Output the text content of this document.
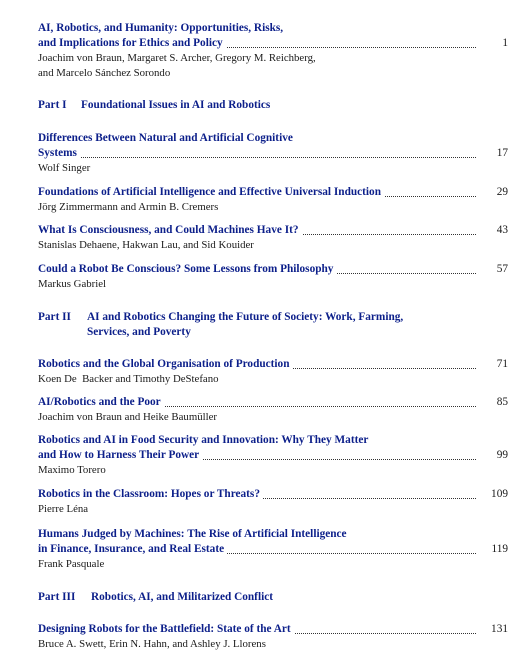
AI, Robotics, and Humanity: Opportunities, Risks,
and Implications for Ethics and Policy	1
Joachim von Braun, Margaret S. Archer, Gregory M. Reichberg,
and Marcelo Sánchez Sorondo
Part I Foundational Issues in AI and Robotics
Differences Between Natural and Artificial Cognitive
Systems	17
Wolf Singer
Foundations of Artificial Intelligence and Effective Universal Induction	29
Jörg Zimmermann and Armin B. Cremers
What Is Consciousness, and Could Machines Have It?	43
Stanislas Dehaene, Hakwan Lau, and Sid Kouider
Could a Robot Be Conscious? Some Lessons from Philosophy	57
Markus Gabriel
Part II AI and Robotics Changing the Future of Society: Work, Farming,
Services, and Poverty
Robotics and the Global Organisation of Production	71
Koen De  Backer and Timothy DeStefano
AI/Robotics and the Poor	85
Joachim von Braun and Heike Baumüller
Robotics and AI in Food Security and Innovation: Why They Matter
and How to Harness Their Power	99
Maximo Torero
Robotics in the Classroom: Hopes or Threats?	109
Pierre Léna
Humans Judged by Machines: The Rise of Artificial Intelligence
in Finance, Insurance, and Real Estate	119
Frank Pasquale
Part III Robotics, AI, and Militarized Conflict
Designing Robots for the Battlefield: State of the Art	131
Bruce A. Swett, Erin N. Hahn, and Ashley J. Llorens
